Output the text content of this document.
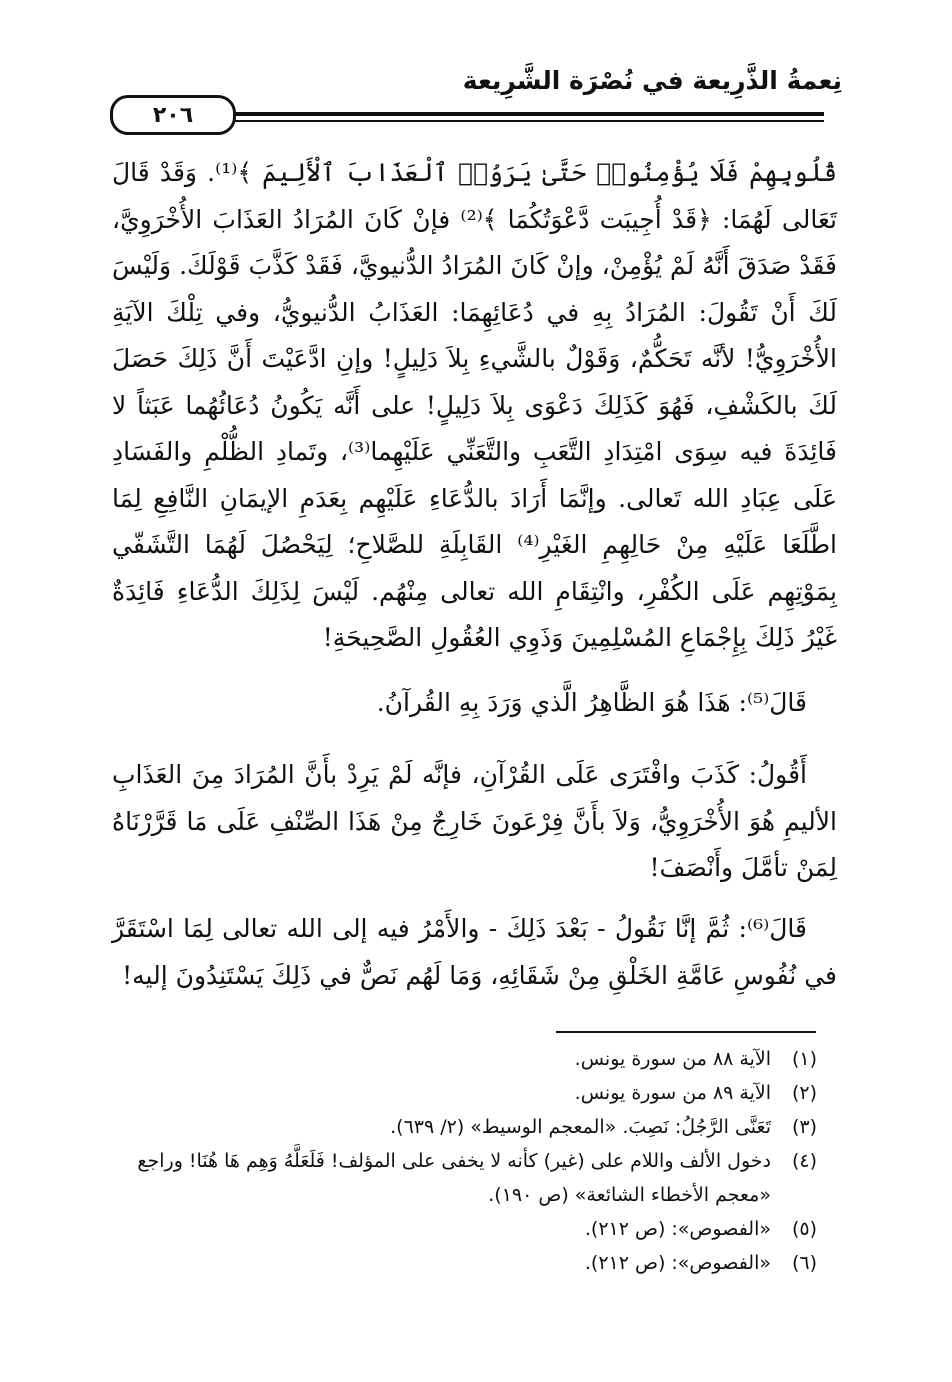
نِعمةُ الذَّرِيعة في نُصْرَة الشَّرِيعة
٢٠٦

قُلُوبِهِمْ فَلَا يُؤْمِنُوا۟ حَتَّىٰ يَرَوُا۟ ٱلْعَذَابَ ٱلْأَلِيمَ ﴾⁽¹⁾. وَقَدْ قَالَ تَعَالى لَهُمَا: ﴿قَدْ أُجِيبَت دَّعْوَتُكُمَا ﴾⁽²⁾ فإنْ كَانَ المُرَادُ العَذَابَ الأُخْرَوِيَّ، فَقَدْ صَدَقَ أَنَّهُ لَمْ يُؤْمِنْ، وإنْ كَانَ المُرَادُ الدُّنيويَّ، فَقَدْ كَذَّبَ قَوْلَكَ. وَلَيْسَ لَكَ أَنْ تَقُولَ: المُرَادُ بِهِ في دُعَائِهِمَا: العَذَابُ الدُّنيويُّ، وفي تِلْكَ الآيَةِ الأُخْرَوِيُّ! لأنَّه تَحَكُّمٌ، وَقَوْلٌ بالشَّيءِ بِلاَ دَلِيلٍ! وإنِ ادَّعَيْتَ أَنَّ ذَلِكَ حَصَلَ لَكَ بالكَشْفِ، فَهُوَ كَذَلِكَ دَعْوَى بِلاَ دَلِيلٍ! على أَنَّه يَكُونُ دُعَائُهُما عَبَثاً لا فَائِدَةَ فيه سِوَى امْتِدَادِ التَّعَبِ والتَّعَنِّي عَلَيْهِما⁽³⁾، وتَمادِ الظُّلْمِ والفَسَادِ عَلَى عِبَادِ الله تَعالى. وإنَّمَا أَرَادَ بالدُّعَاءِ عَلَيْهِم بِعَدَمِ الإيمَانِ النَّافِعِ لِمَا اطَّلَعَا عَلَيْهِ مِنْ حَالِهِمِ الغَيْرِ⁽⁴⁾ القَابِلَةِ للصَّلاحِ؛ لِيَحْصُلَ لَهُمَا التَّشَفّي بِمَوْتِهِم عَلَى الكُفْرِ، وانْتِقَامِ الله تعالى مِنْهُم. لَيْسَ لِذَلِكَ الدُّعَاءِ فَائِدَةٌ غَيْرُ ذَلِكَ بِإِجْمَاعِ المُسْلِمِينَ وَذَوِي العُقُولِ الصَّحِيحَةِ!

قَالَ⁽⁵⁾: هَذَا هُوَ الظَّاهِرُ الَّذي وَرَدَ بِهِ القُرآنُ.

أَقُولُ: كَذَبَ وافْتَرَى عَلَى القُرْآنِ، فإنَّه لَمْ يَرِدْ بأَنَّ المُرَادَ مِنَ العَذَابِ الأليمِ هُوَ الأُخْرَوِيُّ، وَلاَ بأَنَّ فِرْعَونَ خَارِجٌ مِنْ هَذَا الصِّنْفِ عَلَى مَا قَرَّرْنَاهُ لِمَنْ تأمَّلَ وأَنْصَفَ!

قَالَ⁽⁶⁾: ثُمَّ إنَّا نَقُولُ - بَعْدَ ذَلِكَ - والأَمْرُ فيه إلى الله تعالى لِمَا اسْتَقَرَّ في نُفُوسِ عَامَّةِ الخَلْقِ مِنْ شَقَائِهِ، وَمَا لَهُم نَصٌّ في ذَلِكَ يَسْتَنِدُونَ إليه!

(١)
الآية ٨٨ من سورة يونس.
(٢)
الآية ٨٩ من سورة يونس.
(٣)
تَعَنَّى الرَّجُلُ: نَصِبَ. «المعجم الوسيط» (٢/ ٦٣٩).
(٤)
دخول الألف واللام على (غير) كأنه لا يخفى على المؤلف! فَلَعَلَّهُ وَهِم هَا هُنَا! وراجع «معجم الأخطاء الشائعة» (ص ١٩٠).
(٥)
«الفصوص»: (ص ٢١٢).
(٦)
«الفصوص»: (ص ٢١٢).
